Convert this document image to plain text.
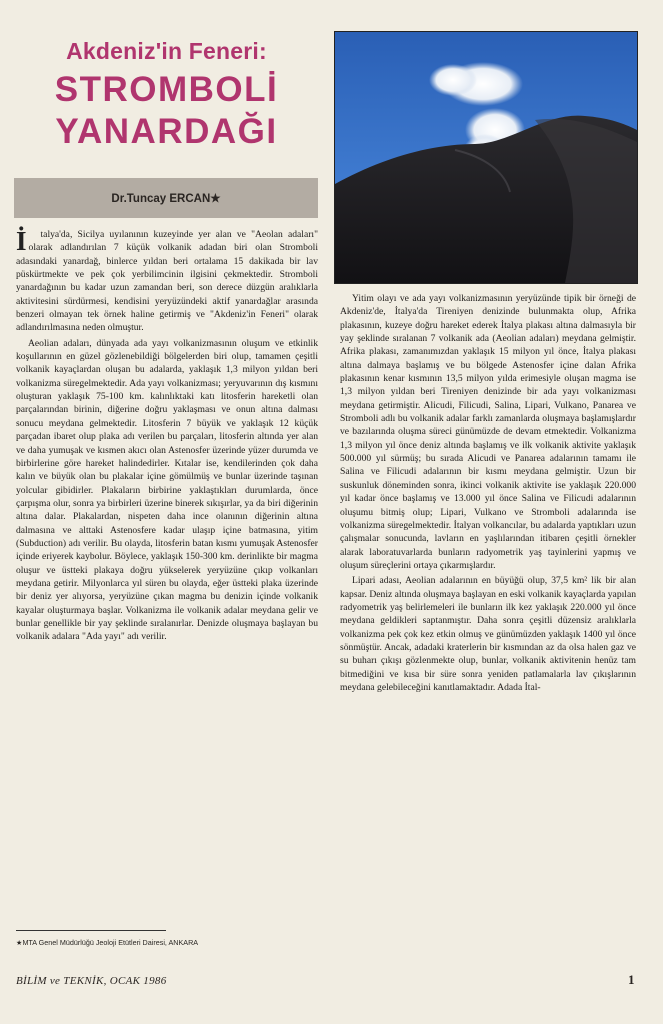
Akdeniz'in Feneri:
STROMBOLİ
YANARDAĞI
Dr.Tuncay ERCAN★

İ talya'da, Sicilya uyılanının kuzeyinde yer alan ve "Aeolan adaları" olarak adlandırılan 7 küçük volkanik adadan biri olan Stromboli adasındaki yanardağ, binlerce yıldan beri ortalama 15 dakikada bir lav püskürtmekte ve pek çok yerbilimcinin ilgisini çekmektedir. Stromboli yanardağının bu kadar uzun zamandan beri, son derece düzgün aralıklarla aktivitesini sürdürmesi, kendisini yeryüzündeki aktif yanardağlar arasında benzeri olmayan tek örnek haline getirmiş ve "Akdeniz'in Feneri" olarak adlandırılmasına neden olmuştur.

Aeolian adaları, dünyada ada yayı volkanizmasının oluşum ve etkinlik koşullarının en güzel gözlenebildiği bölgelerden biri olup, tamamen çeşitli volkanik kayaçlardan oluşan bu adalarda, yaklaşık 1,3 milyon yıldan beri volkanizma süregelmektedir. Ada yayı volkanizması; yeryuvarının dış kısmını oluşturan yaklaşık 75-100 km. kalınlıktaki katı litosferin hareketli olan parçalarından birinin, diğerine doğru yaklaşması ve onun altına dalması sonucu meydana gelmektedir. Litosferin 7 büyük ve yaklaşık 12 küçük parçadan ibaret olup plaka adı verilen bu parçaları, litosferin altında yer alan ve daha yumuşak ve kısmen akıcı olan Astenosfer üzerinde yüzer durumda ve birbirlerine göre hareket halindedirler. Kıtalar ise, kendilerinden çok daha kalın ve büyük olan bu plakalar içine gömülmüş ve bunlar üzerinde taşınan yolcular gibidirler. Plakaların birbirine yaklaştıkları durumlarda, önce çarpışma olur, sonra ya birbirleri üzerine binerek sıkışırlar, ya da biri diğerinin altına dalar. Plakalardan, nispeten daha ince olanının diğerinin altına dalmasına ve alttaki Astenosfere kadar ulaşıp içine batmasına, yitim (Subduction) adı verilir. Bu olayda, litosferin batan kısmı yumuşak Astenosfer içinde eriyerek kaybolur. Böylece, yaklaşık 150-300 km. derinlikte bir magma oluşur ve üstteki plakaya doğru yükselerek yeryüzüne çıkıp volkanları meydana getirir. Milyonlarca yıl süren bu olayda, eğer üstteki plaka üzerinde bir deniz yer alıyorsa, yeryüzüne çıkan magma bu denizin içinde volkanik kayalar oluşturmaya başlar. Volkanizma ile volkanik adalar meydana gelir ve bunlar genellikle bir yay şeklinde sıralanırlar. Denizde oluşmaya başlayan bu volkanik adalara "Ada yayı" adı verilir.

Yitim olayı ve ada yayı volkanizmasının yeryüzünde tipik bir örneği de Akdeniz'de, İtalya'da Tireniyen denizinde bulunmakta olup, Afrika plakasının, kuzeye doğru hareket ederek İtalya plakası altına dalmasıyla bir yay şeklinde sıralanan 7 volkanik ada (Aeolian adaları) meydana gelmiştir. Afrika plakası, zamanımızdan yaklaşık 15 milyon yıl önce, İtalya plakası altına dalmaya başlamış ve bu bölgede Astenosfer içine dalan Afrika plakasının kenar kısmının 13,5 milyon yılda erimesiyle oluşan magma ise 1,3 milyon yıldan beri Tireniyen denizinde bir ada yayı volkanizması meydana getirmiştir. Alicudi, Filicudi, Salina, Lipari, Vulkano, Panarea ve Stromboli adlı bu volkanik adalar farklı zamanlarda oluşmaya başlamışlardır ve bazılarında oluşma süreci günümüzde de devam etmektedir. Volkanizma 1,3 milyon yıl önce deniz altında başlamış ve ilk volkanik aktivite yaklaşık 500.000 yıl sürmüş; bu sırada Alicudi ve Panarea adalarının tamamı ile Salina ve Filicudi adalarının bir kısmı meydana gelmiştir. Uzun bir suskunluk döneminden sonra, ikinci volkanik aktivite ise yaklaşık 220.000 yıl kadar önce başlamış ve 13.000 yıl önce Salina ve Filicudi adalarının oluşumu bitmiş olup; Lipari, Vulkano ve Stromboli adalarında ise volkanizma süregelmektedir. İtalyan volkancılar, bu adalarda yaptıkları uzun çalışmalar sonucunda, lavların en yaşlılarından itibaren çeşitli örnekler alarak laboratuvarlarda bunların radyometrik yaş tayinlerini yapmış ve oluşum süreçlerini ortaya çıkarmışlardır.

Lipari adası, Aeolian adalarının en büyüğü olup, 37,5 km² lik bir alan kapsar. Deniz altında oluşmaya başlayan en eski volkanik kayaçlarda yapılan radyometrik yaş belirlemeleri ile bunların ilk kez yaklaşık 220.000 yıl önce meydana geldikleri saptanmıştır. Daha sonra çeşitli düzensiz aralıklarla volkanizma pek çok kez etkin olmuş ve günümüzden yaklaşık 1400 yıl önce sönmüştür. Ancak, adadaki kraterlerin bir kısmından az da olsa halen gaz ve su buharı çıkışı gözlenmekte olup, bunlar, volkanik aktivitenin henüz tam bitmediğini ve kısa bir süre sonra yeniden patlamalarla lav çıkışlarının meydana gelebileceğini kanıtlamaktadır. Adada İtal-

★MTA Genel Müdürlüğü Jeoloji Etütleri Dairesi, ANKARA
BİLİM ve TEKNİK, OCAK 1986	1
